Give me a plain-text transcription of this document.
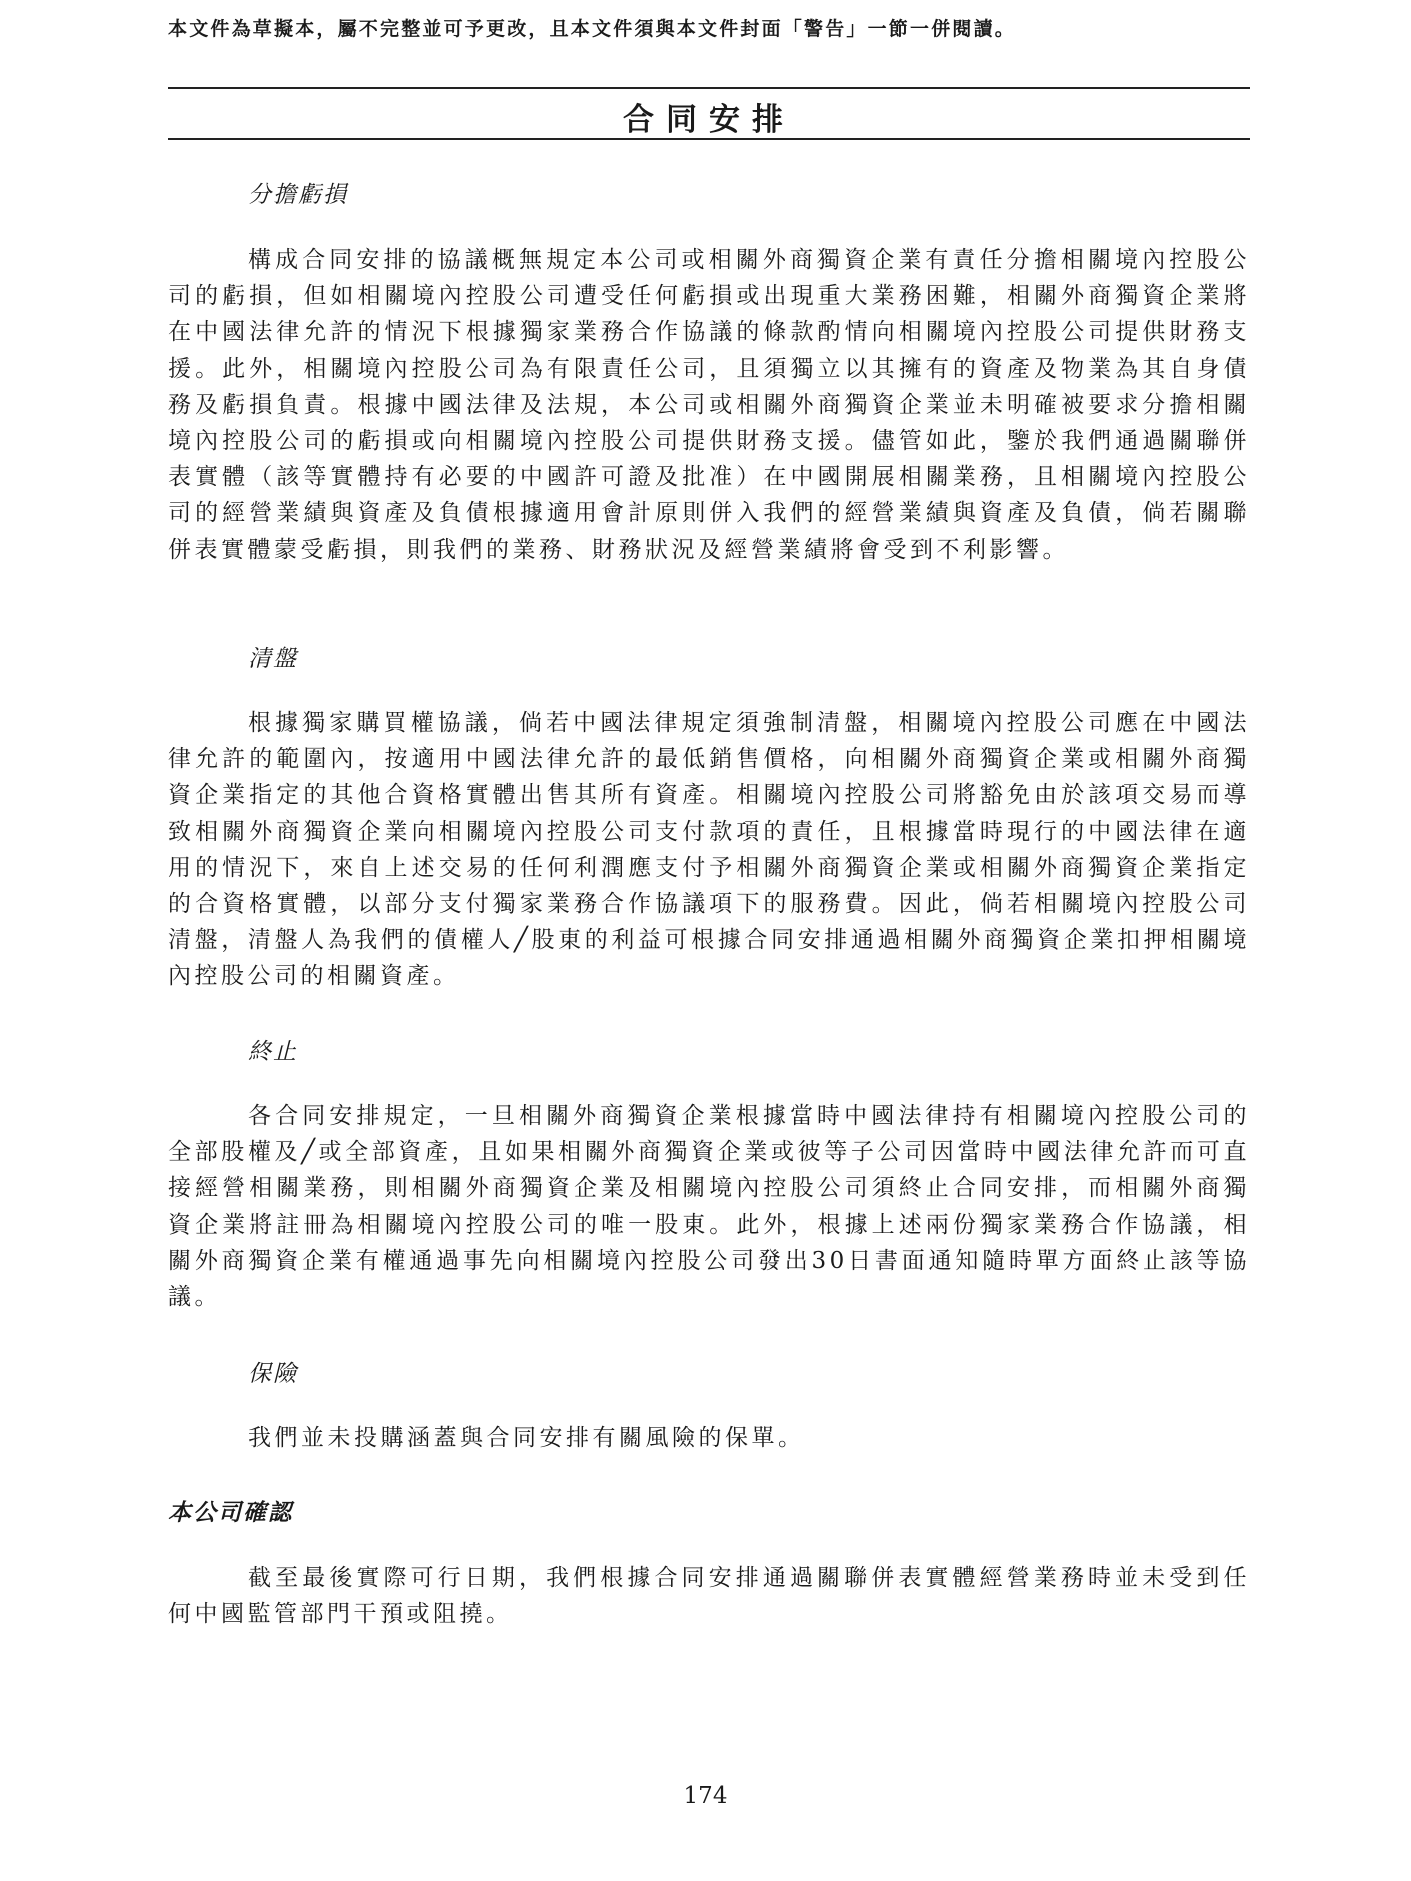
本文件為草擬本，屬不完整並可予更改，且本文件須與本文件封面「警告」一節一併閱讀。
合同安排
分擔虧損
構成合同安排的協議概無規定本公司或相關外商獨資企業有責任分擔相關境內控股公司的虧損，但如相關境內控股公司遭受任何虧損或出現重大業務困難，相關外商獨資企業將在中國法律允許的情況下根據獨家業務合作協議的條款酌情向相關境內控股公司提供財務支援。此外，相關境內控股公司為有限責任公司，且須獨立以其擁有的資產及物業為其自身債務及虧損負責。根據中國法律及法規，本公司或相關外商獨資企業並未明確被要求分擔相關境內控股公司的虧損或向相關境內控股公司提供財務支援。儘管如此，鑒於我們通過關聯併表實體（該等實體持有必要的中國許可證及批准）在中國開展相關業務，且相關境內控股公司的經營業績與資產及負債根據適用會計原則併入我們的經營業績與資產及負債，倘若關聯併表實體蒙受虧損，則我們的業務、財務狀況及經營業績將會受到不利影響。
清盤
根據獨家購買權協議，倘若中國法律規定須強制清盤，相關境內控股公司應在中國法律允許的範圍內，按適用中國法律允許的最低銷售價格，向相關外商獨資企業或相關外商獨資企業指定的其他合資格實體出售其所有資產。相關境內控股公司將豁免由於該項交易而導致相關外商獨資企業向相關境內控股公司支付款項的責任，且根據當時現行的中國法律在適用的情況下，來自上述交易的任何利潤應支付予相關外商獨資企業或相關外商獨資企業指定的合資格實體，以部分支付獨家業務合作協議項下的服務費。因此，倘若相關境內控股公司清盤，清盤人為我們的債權人╱股東的利益可根據合同安排通過相關外商獨資企業扣押相關境內控股公司的相關資產。
終止
各合同安排規定，一旦相關外商獨資企業根據當時中國法律持有相關境內控股公司的全部股權及╱或全部資產，且如果相關外商獨資企業或彼等子公司因當時中國法律允許而可直接經營相關業務，則相關外商獨資企業及相關境內控股公司須終止合同安排，而相關外商獨資企業將註冊為相關境內控股公司的唯一股東。此外，根據上述兩份獨家業務合作協議，相關外商獨資企業有權通過事先向相關境內控股公司發出30日書面通知隨時單方面終止該等協議。
保險
我們並未投購涵蓋與合同安排有關風險的保單。
本公司確認
截至最後實際可行日期，我們根據合同安排通過關聯併表實體經營業務時並未受到任何中國監管部門干預或阻撓。
174
